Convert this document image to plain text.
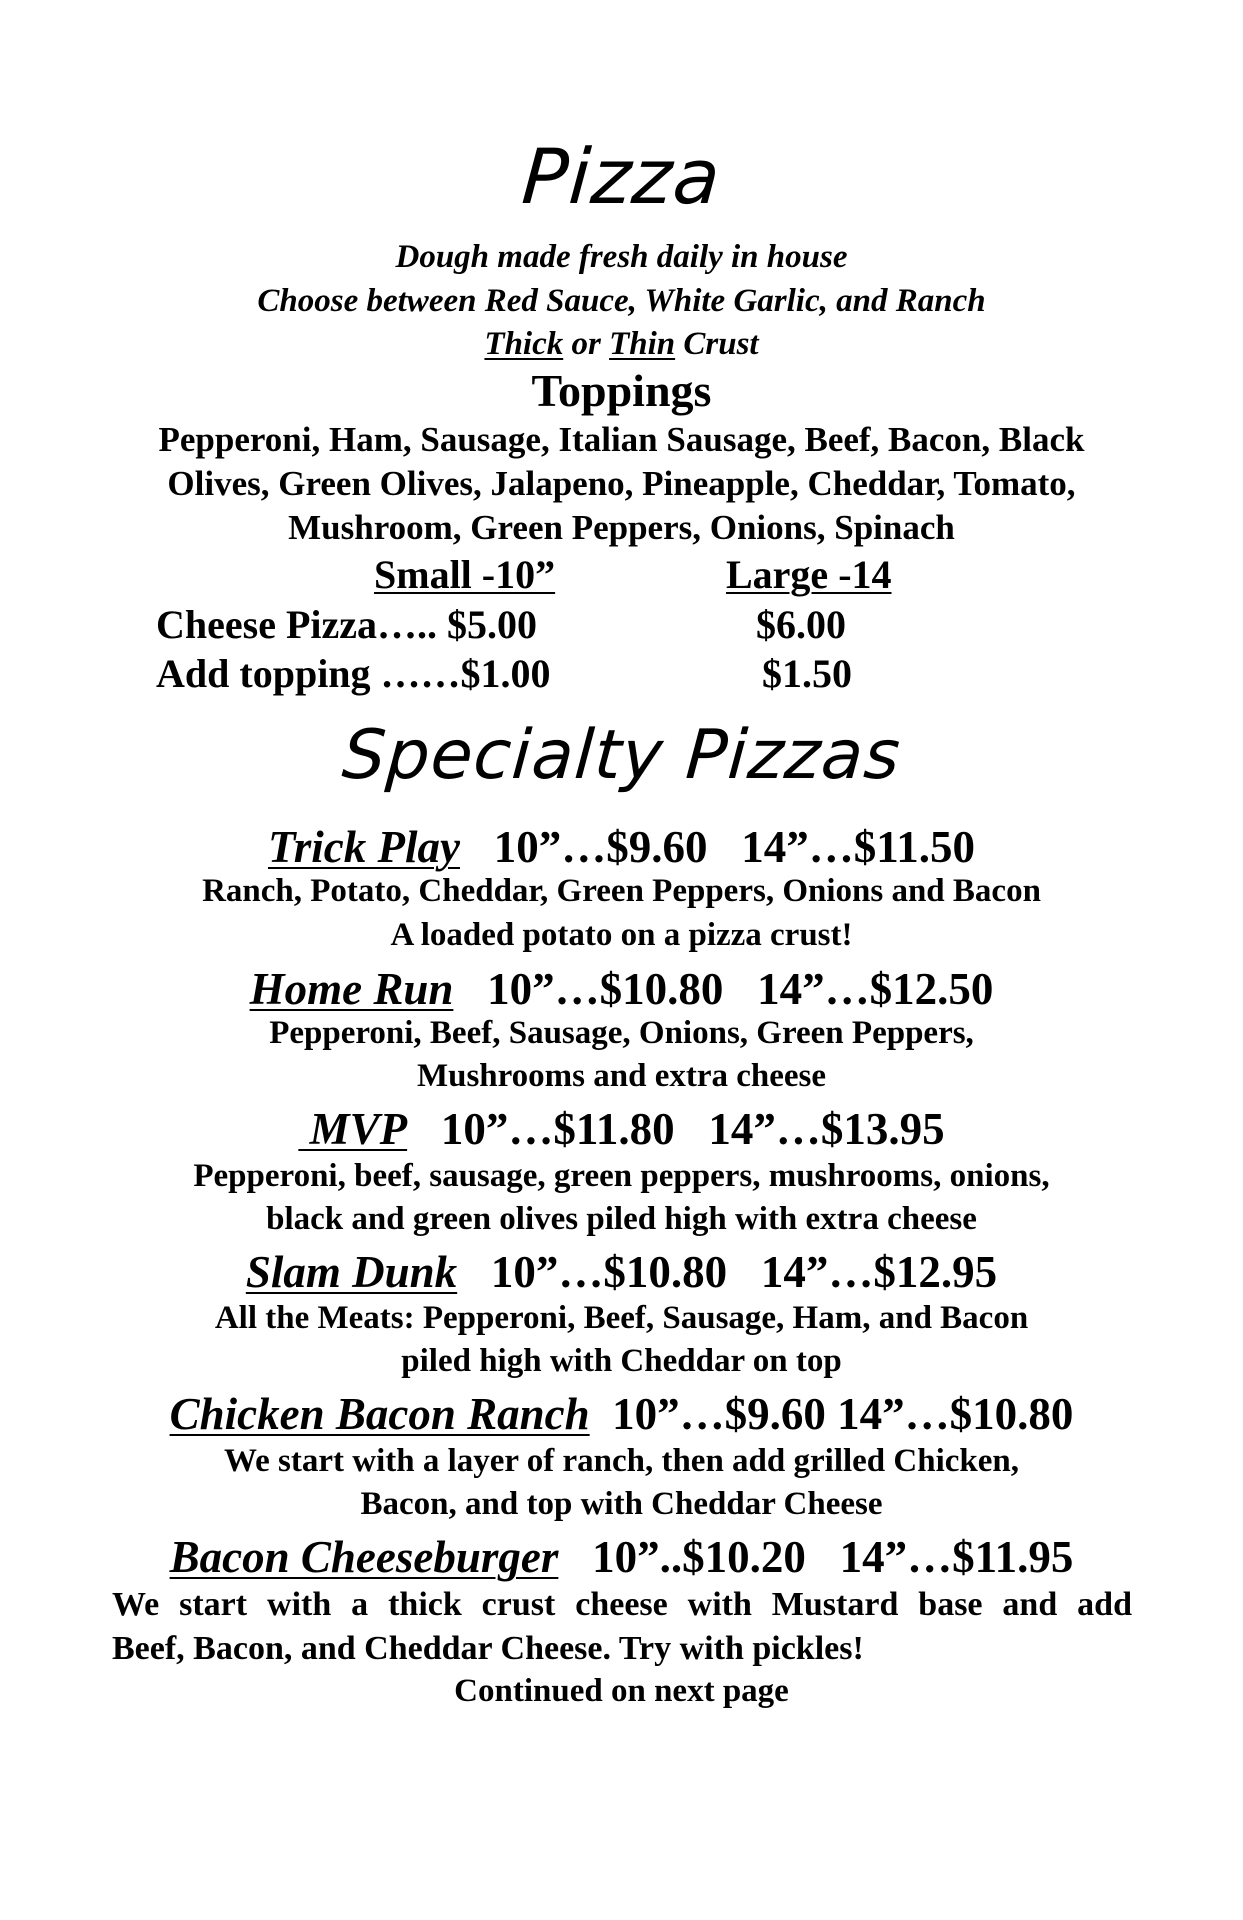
Pizza
Dough made fresh daily in house
Choose between Red Sauce, White Garlic, and Ranch
Thick or Thin Crust
Toppings
Pepperoni, Ham, Sausage, Italian Sausage, Beef, Bacon, Black
Olives, Green Olives, Jalapeno, Pineapple, Cheddar, Tomato,
Mushroom, Green Peppers, Onions, Spinach
Small -10”	Large -14
Cheese Pizza….. $5.00	$6.00
Add topping ……$1.00	$1.50
Specialty Pizzas
Trick Play 10”…$9.60   14”…$11.50
Ranch, Potato, Cheddar, Green Peppers, Onions and Bacon
A loaded potato on a pizza crust!
Home Run 10”…$10.80   14”…$12.50
Pepperoni, Beef, Sausage, Onions, Green Peppers,
Mushrooms and extra cheese
MVP 10”…$11.80   14”…$13.95
Pepperoni, beef, sausage, green peppers, mushrooms, onions,
black and green olives piled high with extra cheese
Slam Dunk 10”…$10.80   14”…$12.95
All the Meats: Pepperoni, Beef, Sausage, Ham, and Bacon
piled high with Cheddar on top
Chicken Bacon Ranch 10”…$9.60 14”…$10.80
We start with a layer of ranch, then add grilled Chicken,
Bacon, and top with Cheddar Cheese
Bacon Cheeseburger 10”..$10.20   14”…$11.95
We start with a thick crust cheese with Mustard base and add
Beef, Bacon, and Cheddar Cheese. Try with pickles!
Continued on next page
